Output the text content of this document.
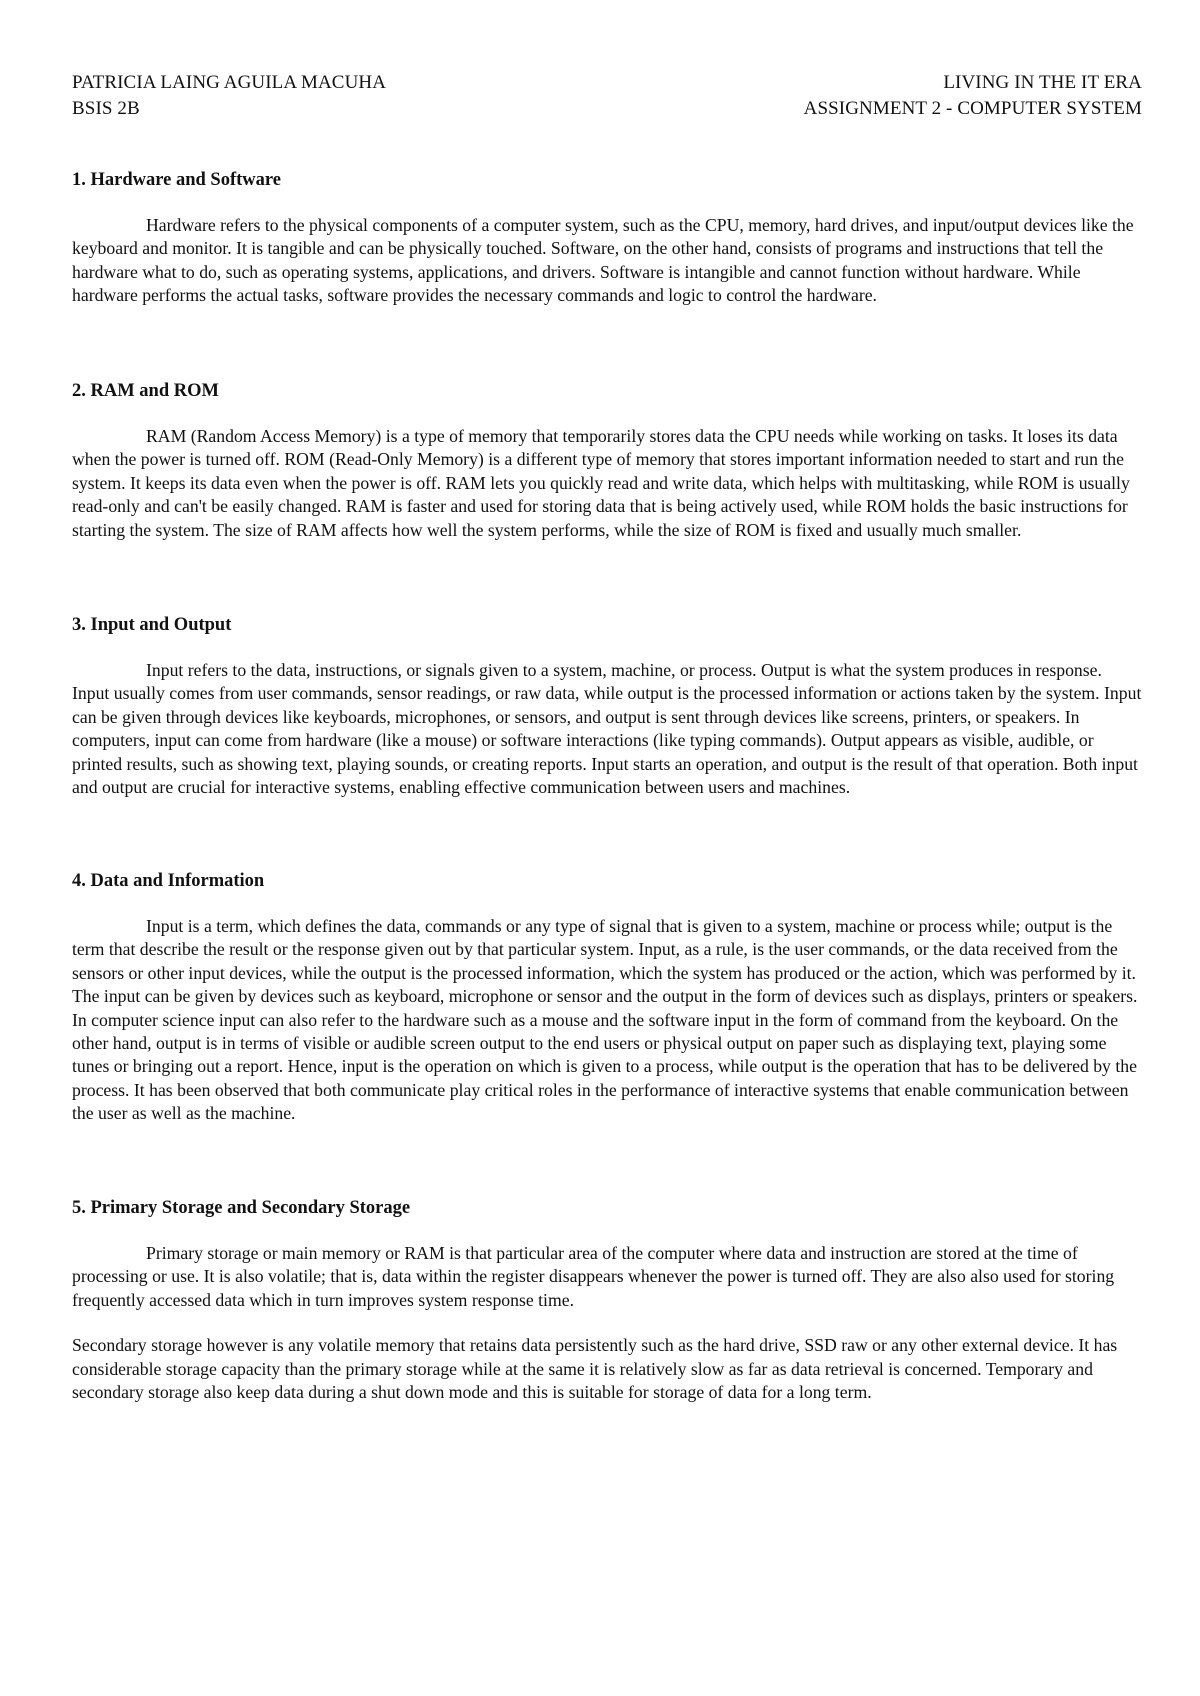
PATRICIA LAING AGUILA MACUHA
BSIS 2B
LIVING IN THE IT ERA
ASSIGNMENT 2 - COMPUTER SYSTEM

1. Hardware and Software

Hardware refers to the physical components of a computer system, such as the CPU, memory, hard drives, and input/output devices like the keyboard and monitor. It is tangible and can be physically touched. Software, on the other hand, consists of programs and instructions that tell the hardware what to do, such as operating systems, applications, and drivers. Software is intangible and cannot function without hardware. While hardware performs the actual tasks, software provides the necessary commands and logic to control the hardware.

2. RAM and ROM

RAM (Random Access Memory) is a type of memory that temporarily stores data the CPU needs while working on tasks. It loses its data when the power is turned off. ROM (Read-Only Memory) is a different type of memory that stores important information needed to start and run the system. It keeps its data even when the power is off. RAM lets you quickly read and write data, which helps with multitasking, while ROM is usually read-only and can't be easily changed. RAM is faster and used for storing data that is being actively used, while ROM holds the basic instructions for starting the system. The size of RAM affects how well the system performs, while the size of ROM is fixed and usually much smaller.

3. Input and Output

Input refers to the data, instructions, or signals given to a system, machine, or process. Output is what the system produces in response. Input usually comes from user commands, sensor readings, or raw data, while output is the processed information or actions taken by the system. Input can be given through devices like keyboards, microphones, or sensors, and output is sent through devices like screens, printers, or speakers. In computers, input can come from hardware (like a mouse) or software interactions (like typing commands). Output appears as visible, audible, or printed results, such as showing text, playing sounds, or creating reports. Input starts an operation, and output is the result of that operation. Both input and output are crucial for interactive systems, enabling effective communication between users and machines.

4. Data and Information

Input is a term, which defines the data, commands or any type of signal that is given to a system, machine or process while; output is the term that describe the result or the response given out by that particular system. Input, as a rule, is the user commands, or the data received from the sensors or other input devices, while the output is the processed information, which the system has produced or the action, which was performed by it. The input can be given by devices such as keyboard, microphone or sensor and the output in the form of devices such as displays, printers or speakers. In computer science input can also refer to the hardware such as a mouse and the software input in the form of command from the keyboard. On the other hand, output is in terms of visible or audible screen output to the end users or physical output on paper such as displaying text, playing some tunes or bringing out a report. Hence, input is the operation on which is given to a process, while output is the operation that has to be delivered by the process. It has been observed that both communicate play critical roles in the performance of interactive systems that enable communication between the user as well as the machine.

5. Primary Storage and Secondary Storage

Primary storage or main memory or RAM is that particular area of the computer where data and instruction are stored at the time of processing or use. It is also volatile; that is, data within the register disappears whenever the power is turned off. They are also also used for storing frequently accessed data which in turn improves system response time.

Secondary storage however is any volatile memory that retains data persistently such as the hard drive, SSD raw or any other external device. It has considerable storage capacity than the primary storage while at the same it is relatively slow as far as data retrieval is concerned. Temporary and secondary storage also keep data during a shut down mode and this is suitable for storage of data for a long term.
